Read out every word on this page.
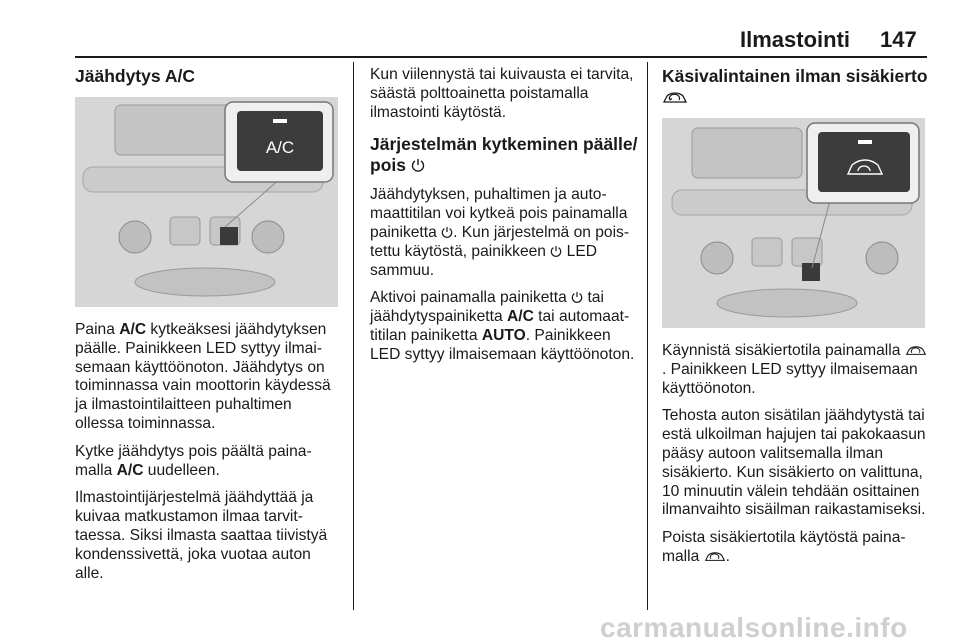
Ilmastointi 147
Jäähdytys A/C
A/C

Paina A/C kytkeäksesi jäähdytyksen päälle. Painikkeen LED syttyy ilmaisemaan käyttöönoton. Jäähdytys on toiminnassa vain moottorin käydessä ja ilmastointilaitteen puhaltimen ollessa toiminnassa.

Kytke jäähdytys pois päältä painamalla A/C uudelleen.

Ilmastointijärjestelmä jäähdyttää ja kuivaa matkustamon ilmaa tarvittaessa. Siksi ilmasta saattaa tiivistyä kondenssivettä, joka vuotaa auton alle.

Kun viilennystä tai kuivausta ei tarvita, säästä polttoainetta poistamalla ilmastointi käytöstä.

Järjestelmän kytkeminen päälle/ pois

Jäähdytyksen, puhaltimen ja automaattitilan voi kytkeä pois painamalla painiketta . Kun järjestelmä on poistettu käytöstä, painikkeen  LED sammuu.

Aktivoi painamalla painiketta  tai jäähdytyspainiketta A/C tai automaattitilan painiketta AUTO. Painikkeen LED syttyy ilmaisemaan käyttöönoton.

Käsivalintainen ilman sisäkierto

Käynnistä sisäkiertotila painamalla . Painikkeen LED syttyy ilmaisemaan käyttöönoton.

Tehosta auton sisätilan jäähdytystä tai estä ulkoilman hajujen tai pakokaasun pääsy autoon valitsemalla ilman sisäkierto. Kun sisäkierto on valittuna, 10 minuutin välein tehdään osittainen ilmanvaihto sisäilman raikastamiseksi.

Poista sisäkiertotila käytöstä painamalla .

carmanualsonline.info
